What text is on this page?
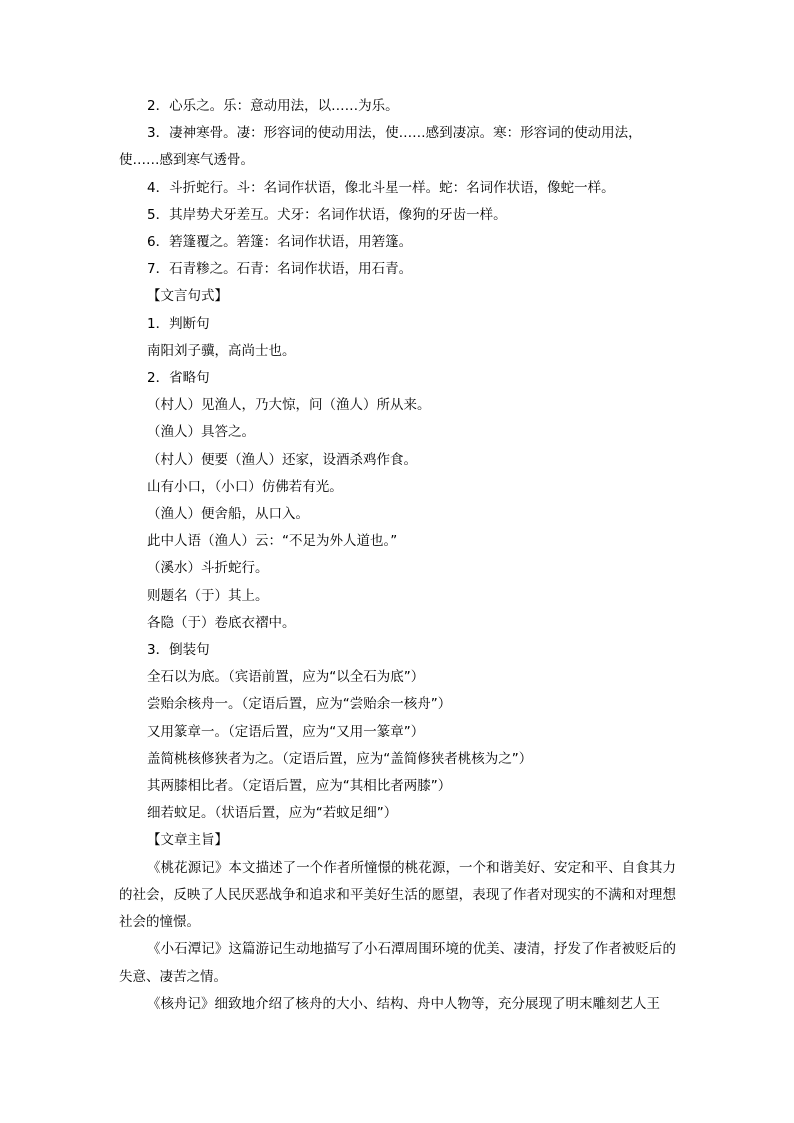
2．心乐之。乐：意动用法，以……为乐。

3．凄神寒骨。凄：形容词的使动用法，使……感到凄凉。寒：形容词的使动用法，

使……感到寒气透骨。

4．斗折蛇行。斗：名词作状语，像北斗星一样。蛇：名词作状语，像蛇一样。

5．其岸势犬牙差互。犬牙：名词作状语，像狗的牙齿一样。

6．箬篷覆之。箬篷：名词作状语，用箬篷。

7．石青糁之。石青：名词作状语，用石青。

【文言句式】

1．判断句

南阳刘子骥，高尚士也。

2．省略句

（村人）见渔人，乃大惊，问（渔人）所从来。

（渔人）具答之。

（村人）便要（渔人）还家，设酒杀鸡作食。

山有小口，（小口）仿佛若有光。

（渔人）便舍船，从口入。

此中人语（渔人）云：“不足为外人道也。”

（溪水）斗折蛇行。

则题名（于）其上。

各隐（于）卷底衣褶中。

3．倒装句

全石以为底。（宾语前置，应为“以全石为底”）

尝贻余核舟一。（定语后置，应为“尝贻余一核舟”）

又用篆章一。（定语后置，应为“又用一篆章”）

盖简桃核修狭者为之。（定语后置，应为“盖简修狭者桃核为之”）

其两膝相比者。（定语后置，应为“其相比者两膝”）

细若蚊足。（状语后置，应为“若蚊足细”）

【文章主旨】

《桃花源记》本文描述了一个作者所憧憬的桃花源，一个和谐美好、安定和平、自食其力的社会，反映了人民厌恶战争和追求和平美好生活的愿望，表现了作者对现实的不满和对理想社会的憧憬。

《小石潭记》这篇游记生动地描写了小石潭周围环境的优美、凄清，抒发了作者被贬后的失意、凄苦之情。

《核舟记》细致地介绍了核舟的大小、结构、舟中人物等，充分展现了明末雕刻艺人王
